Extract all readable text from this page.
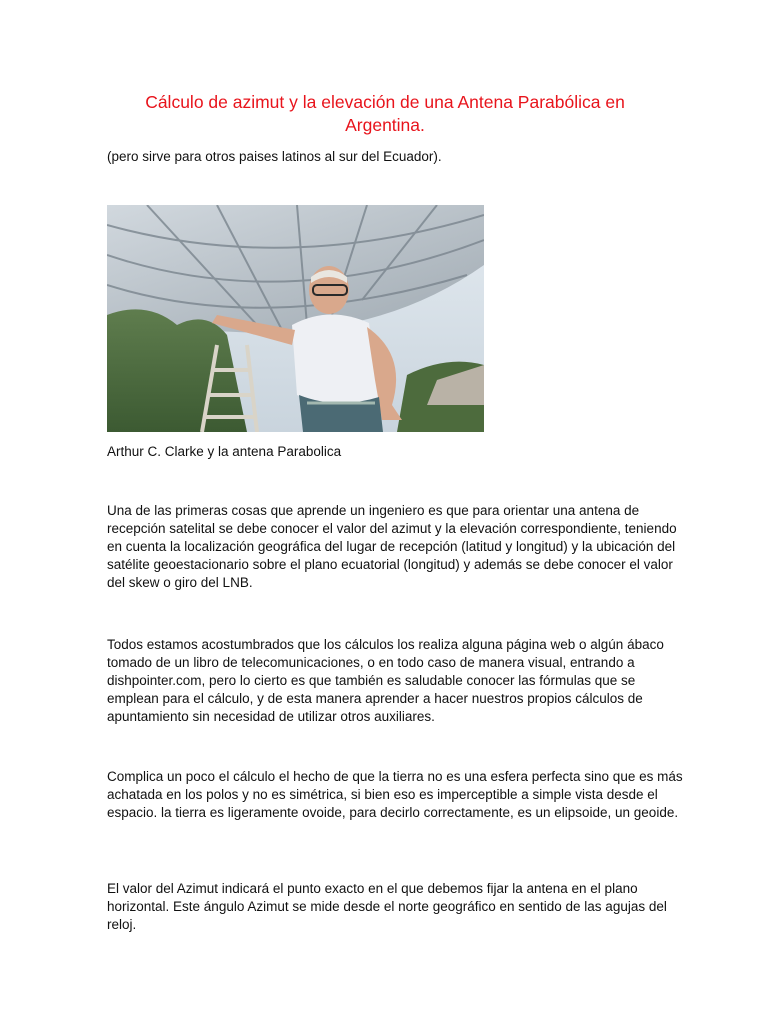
Cálculo de azimut y la elevación de una Antena Parabólica en Argentina.
(pero sirve para otros paises latinos al sur del Ecuador).
Arthur C. Clarke y la antena Parabolica

Una de las primeras cosas que aprende un ingeniero es que para orientar una antena de recepción satelital se debe conocer el valor del azimut y la elevación correspondiente, teniendo en cuenta la localización geográfica del lugar de recepción (latitud y longitud) y la ubicación del satélite geoestacionario sobre el plano ecuatorial (longitud) y además se debe conocer el valor del skew o giro del LNB.

Todos estamos acostumbrados que los cálculos los realiza alguna página web o algún ábaco tomado de un libro de telecomunicaciones, o en todo caso de manera visual, entrando a dishpointer.com, pero lo cierto es que también es saludable conocer las fórmulas que se emplean para el cálculo, y de esta manera aprender a hacer nuestros propios cálculos de apuntamiento sin necesidad de utilizar otros auxiliares.

Complica un poco el cálculo el hecho de que la tierra no es una esfera perfecta sino que es más achatada en los polos y no es simétrica, si bien eso es imperceptible a simple vista desde el espacio. la tierra es ligeramente ovoide, para decirlo correctamente, es un elipsoide, un geoide.

El valor del Azimut indicará el punto exacto en el que debemos fijar la antena en el plano horizontal. Este ángulo Azimut se mide desde el norte geográfico en sentido de las agujas del reloj.
